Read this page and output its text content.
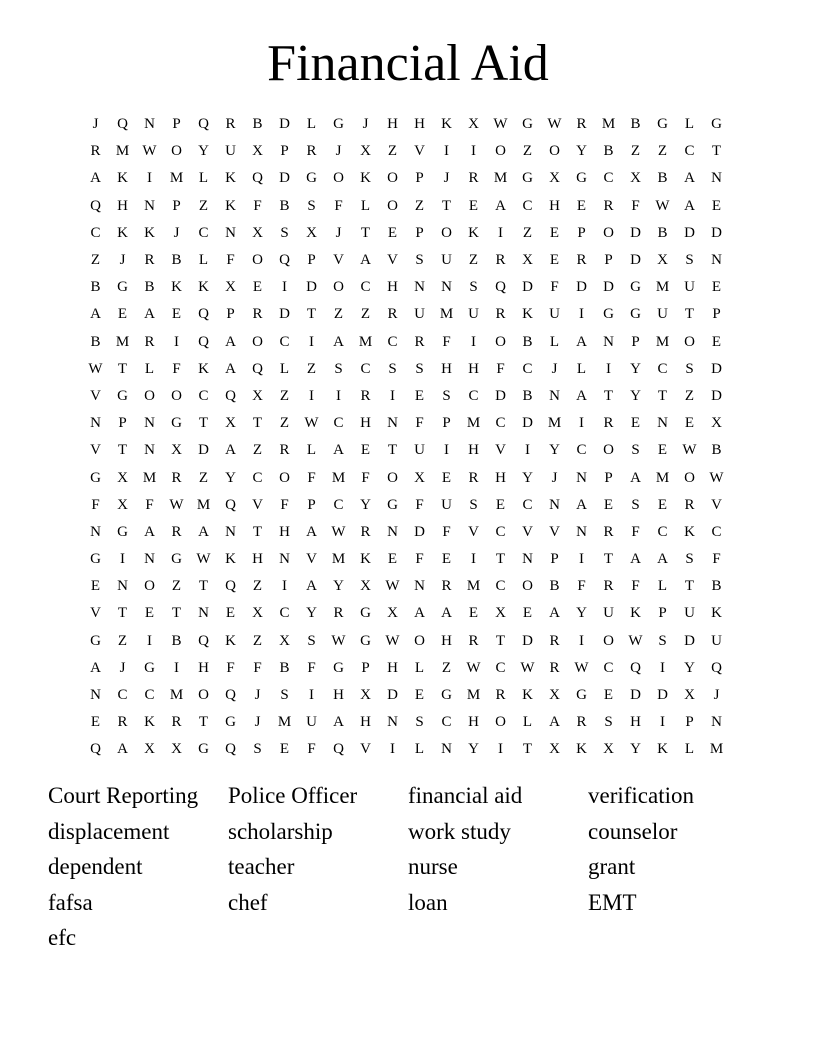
Financial Aid
J	Q	N	P	Q	R	B	D	L	G	J	H	H	K	X W G W R	M	B	G	L	G
R	M W O	Y	U	X	P	R	J	X	Z	V	I	I	O	Z	O	Y	B	Z	Z	C	T
A	K	I	M	L	K	Q	D	G	O	K	O	P	J	R	M G	X	G	C	X	B	A	N
Q	H	N	P	Z	K	F	B	S	F	L	O	Z	T	E	A	C	H	E	R	F	W A	E
C	K	K	J	C	N	X	S	X	J	T	E	P	O	K	I	Z	E	P	O	D	B	D	D
Z	J	R	B	L	F	O	Q	P	V	A	V	S	U	Z	R	X	E	R	P	D	X	S	N
B	G	B	K	K	X	E	I	D	O	C	H	N	N	S	Q	D	F	D	D	G M U	E
A	E	A	E	Q	P	R	D	T	Z	Z	R	U M U	R	K	U	I	G	G	U	T	P
B	M	R	I	Q	A	O	C	I	A M	C	R	F	I	O	B	L	A	N	P	M O	E
W	T	L	F	K	A	Q	L	Z	S	C	S	S	H	H	F	C	J	L	I	Y	C	S	D
V	G	O	O	C	Q	X	Z	I	I	R	I	E	S	C	D	B	N	A	T	Y	T	Z	D
N	P	N	G	T	X	T	Z	W C	H	N	F	P	M	C	D M	I	R	E	N	E	X
V	T	N	X	D	A	Z	R	L	A	E	T	U	I	H	V	I	Y	C	O	S	E	W B
G	X M	R	Z	Y	C	O	F	M	F	O	X	E	R	H	Y	J	N	P	A M O W
F	X	F	W M Q	V	F	P	C	Y	G	F	U	S	E	C	N	A	E	S	E	R	V
N	G	A	R	A	N	T	H	A W R	N	D	F	V	C	V	V	N	R	F	C	K	C
G	I	N	G W K	H	N	V M K	E	F	E	I	T	N	P	I	T	A	A	S	F
E	N	O	Z	T	Q	Z	I	A	Y	X W N	R	M	C	O	B	F	R	F	L	T	B
V	T	E	T	N	E	X	C	Y	R	G	X	A	A	E	X	E	A	Y	U	K	P	U	K
G	Z	I	B	Q	K	Z	X	S	W G W O	H	R	T	D	R	I	O W	S	D	U
A	J	G	I	H	F	F	B	F	G	P	H	L	Z	W C W R W C	Q	I	Y	Q
N	C	C	M O	Q	J	S	I	H	X	D	E	G M	R	K	X	G	E	D	D	X	J
E	R	K	R	T	G	J	M U	A	H	N	S	C	H	O	L	A	R	S	H	I	P	N
Q	A	X	X	G	Q	S	E	F	Q	V	I	L	N	Y	I	T	X	K	X	Y	K	L	M
Court Reporting	Police Officer	financial aid	verification
displacement	scholarship	work study	counselor
dependent	teacher	nurse	grant
fafsa	chef	loan	EMT
efc
